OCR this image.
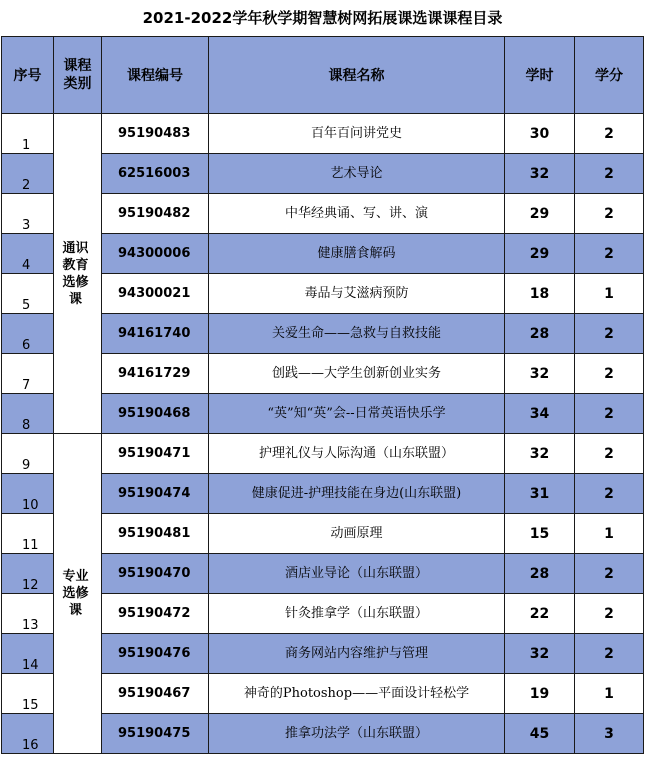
2021-2022学年秋学期智慧树网拓展课选课课程目录
序号	课程类别	课程编号	课程名称	学时	学分
1	通识教育选修课	95190483	百年百问讲党史	30	2
2		62516003	艺术导论	32	2
3		95190482	中华经典诵、写、讲、演	29	2
4		94300006	健康膳食解码	29	2
5		94300021	毒品与艾滋病预防	18	1
6		94161740	关爱生命——急救与自救技能	28	2
7		94161729	创践——大学生创新创业实务	32	2
8		95190468	“英”知“英”会--日常英语快乐学	34	2
9	专业选修课	95190471	护理礼仪与人际沟通（山东联盟）	32	2
10		95190474	健康促进-护理技能在身边(山东联盟)	31	2
11		95190481	动画原理	15	1
12		95190470	酒店业导论（山东联盟）	28	2
13		95190472	针灸推拿学（山东联盟）	22	2
14		95190476	商务网站内容维护与管理	32	2
15		95190467	神奇的Photoshop——平面设计轻松学	19	1
16		95190475	推拿功法学（山东联盟）	45	3
